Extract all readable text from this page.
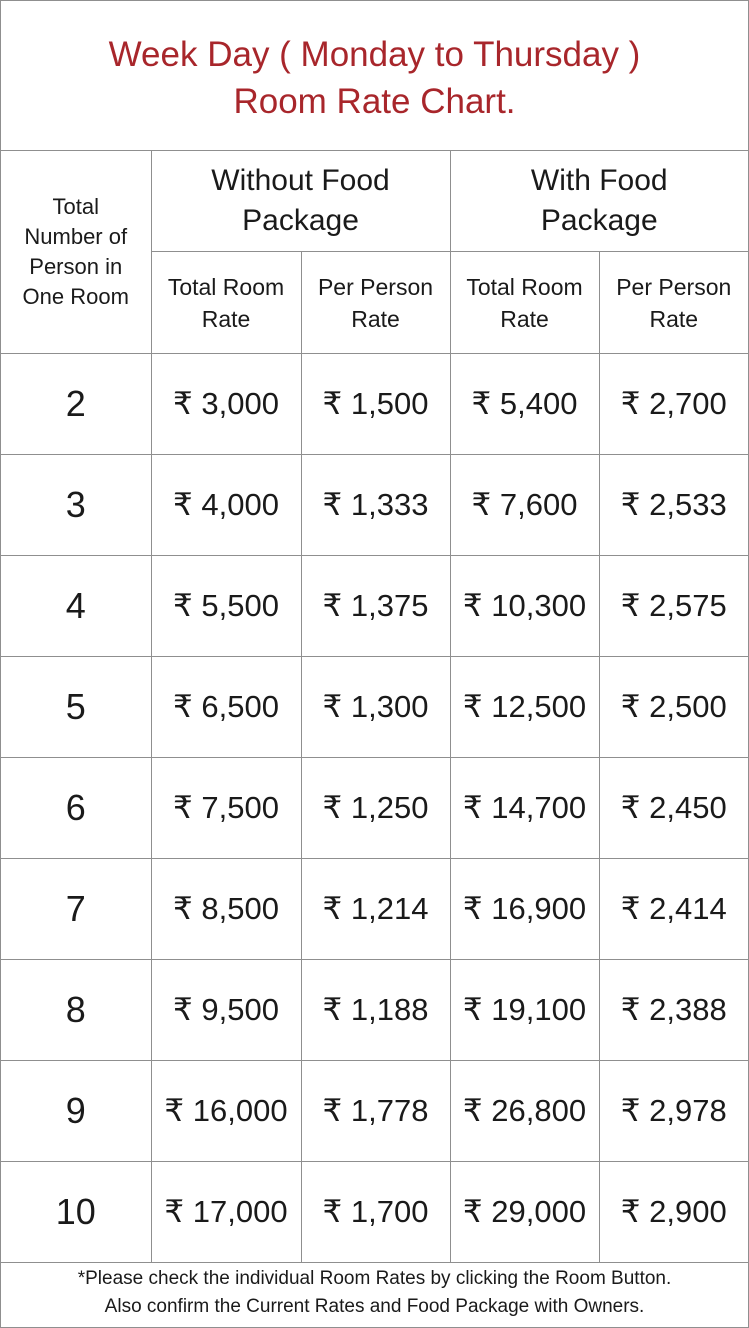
Week Day ( Monday to Thursday )
Room Rate Chart.
Total Number of Person in One Room	Without Food Package		With Food Package	

	Total Room Rate	Per Person Rate	Total Room Rate	Per Person Rate

2	₹ 3,000	₹ 1,500	₹ 5,400	₹ 2,700
3	₹ 4,000	₹ 1,333	₹ 7,600	₹ 2,533
4	₹ 5,500	₹ 1,375	₹ 10,300	₹ 2,575
5	₹ 6,500	₹ 1,300	₹ 12,500	₹ 2,500
6	₹ 7,500	₹ 1,250	₹ 14,700	₹ 2,450
7	₹ 8,500	₹ 1,214	₹ 16,900	₹ 2,414
8	₹ 9,500	₹ 1,188	₹ 19,100	₹ 2,388
9	₹ 16,000	₹ 1,778	₹ 26,800	₹ 2,978
10	₹ 17,000	₹ 1,700	₹ 29,000	₹ 2,900
*Please check the individual Room Rates by clicking the Room Button.
Also confirm the Current Rates and Food Package with Owners.
